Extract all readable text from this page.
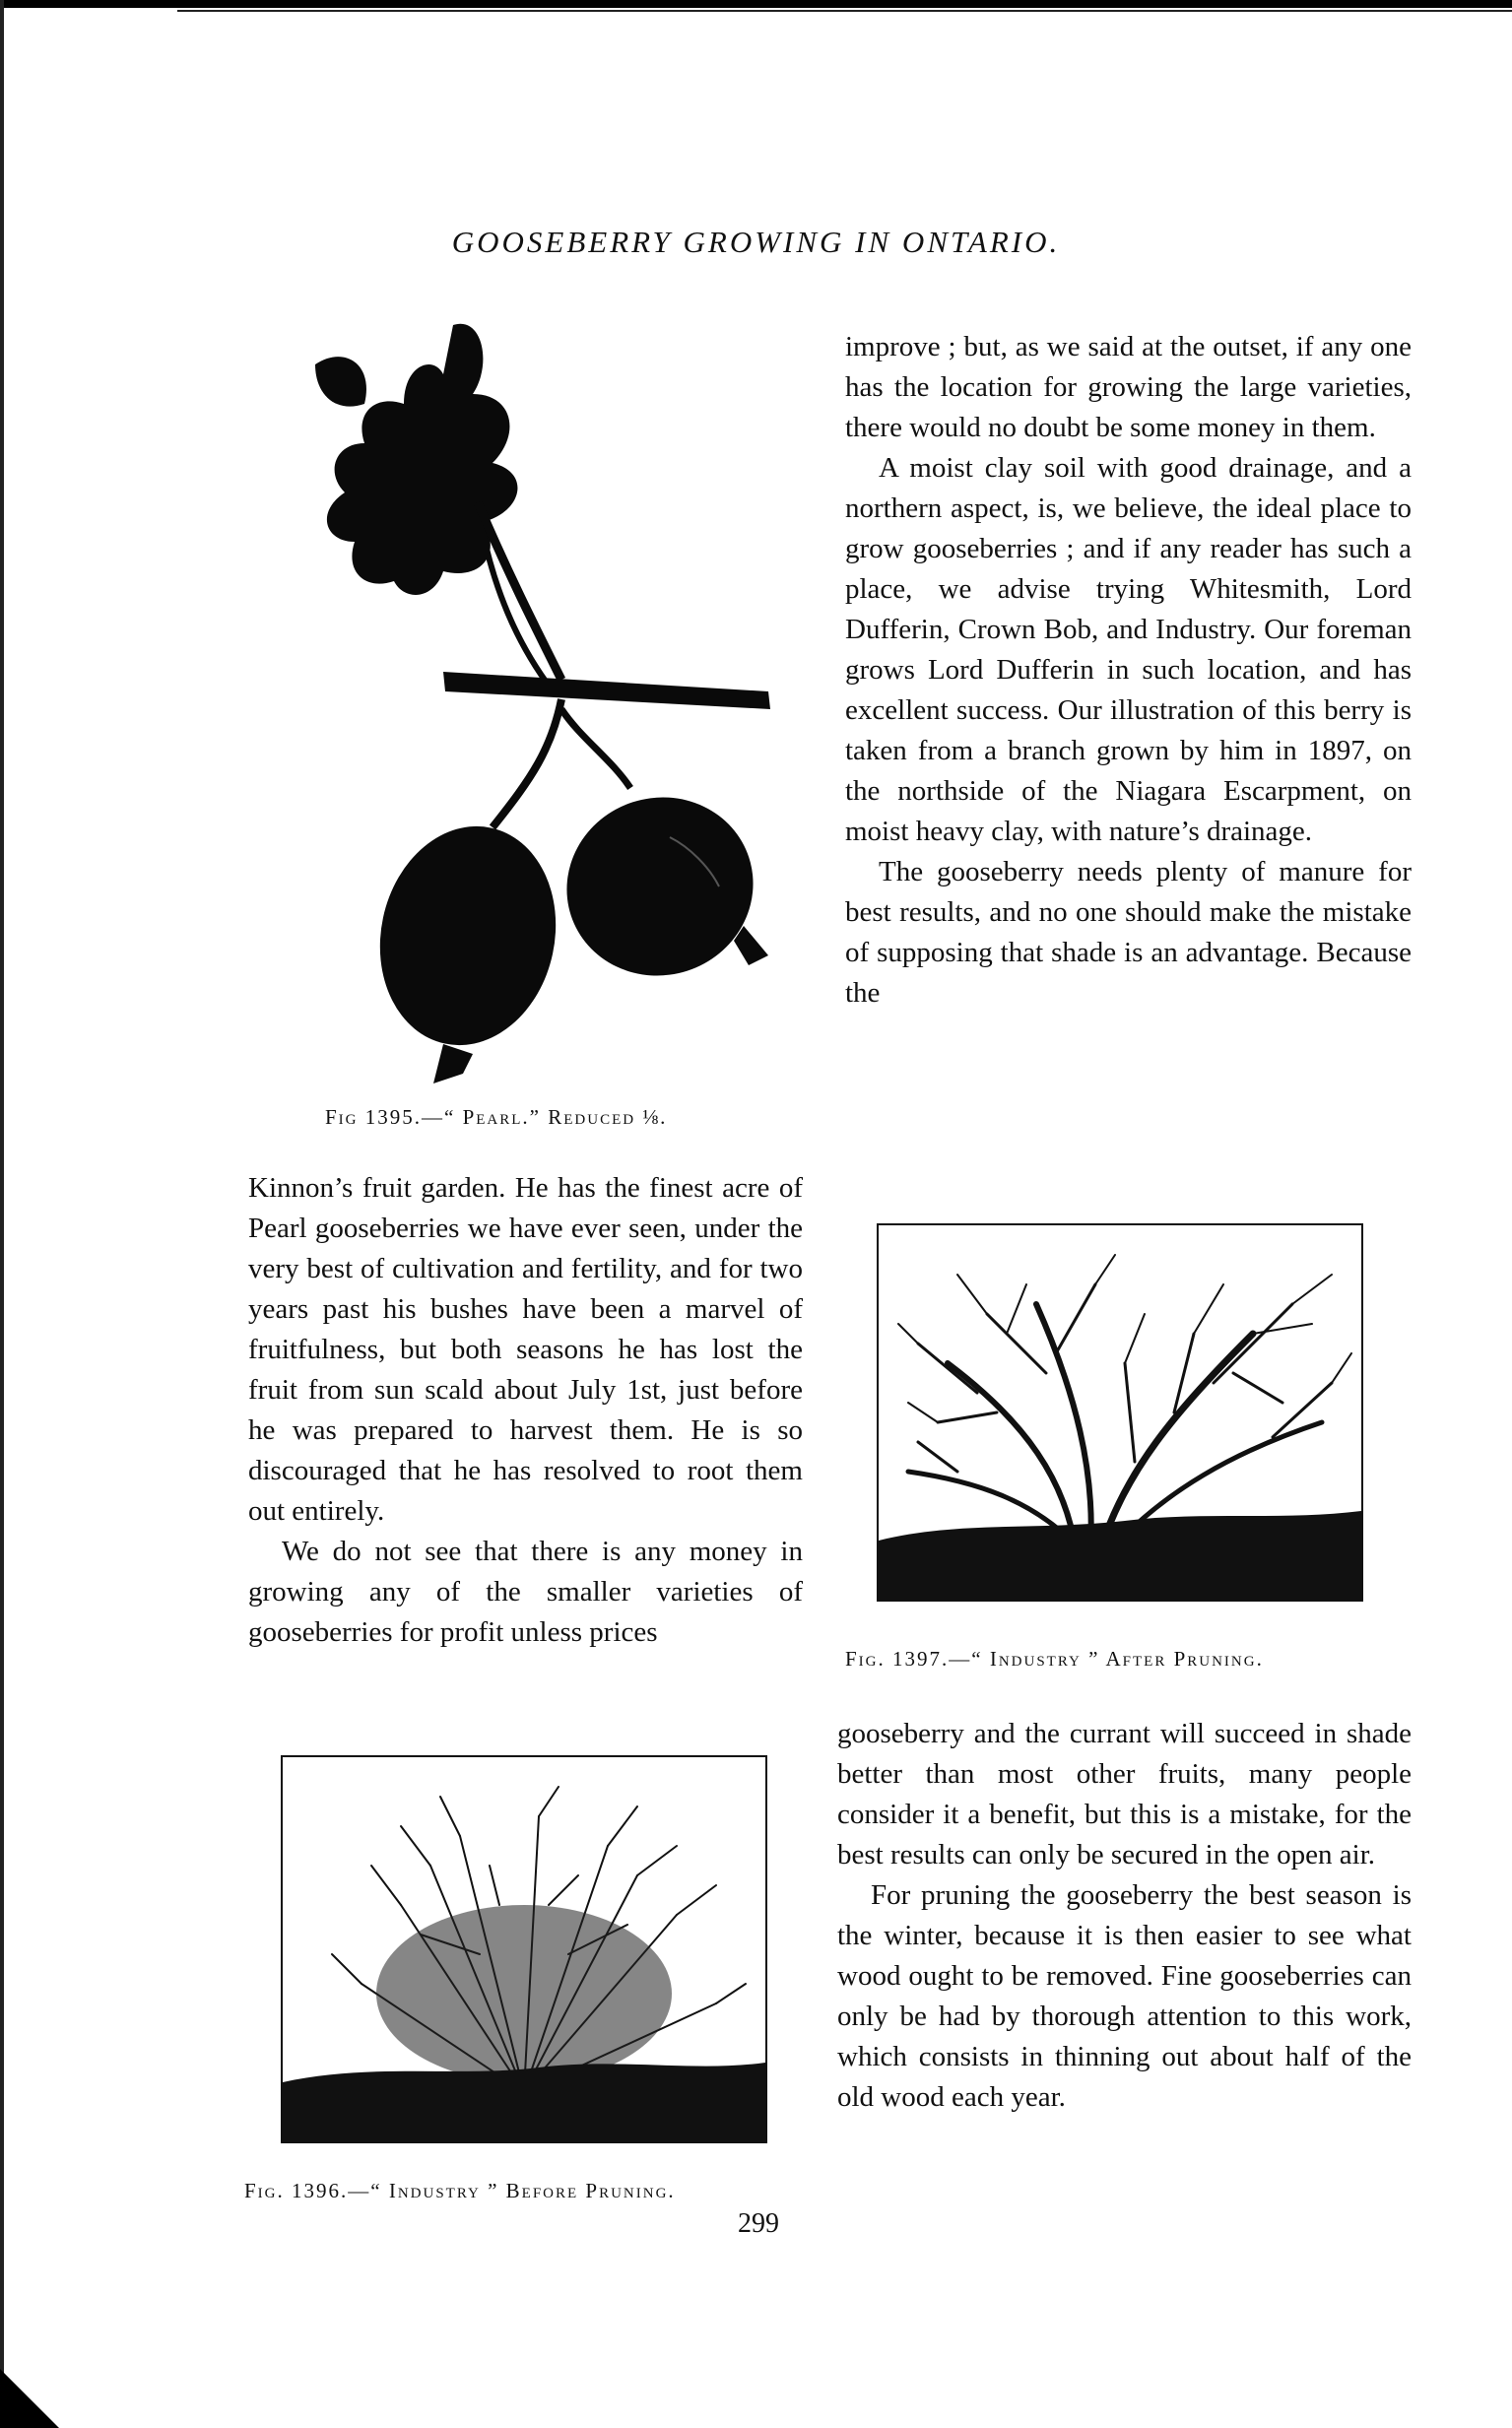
GOOSEBERRY GROWING IN ONTARIO.
Fig 1395.—“ Pearl.” Reduced ⅛.

Kinnon’s fruit garden. He has the finest acre of Pearl gooseberries we have ever seen, under the very best of cultivation and fertility, and for two years past his bushes have been a marvel of fruitfulness, but both seasons he has lost the fruit from sun scald about July 1st, just before he was prepared to harvest them. He is so discouraged that he has resolved to root them out entirely.

We do not see that there is any money in growing any of the smaller varieties of gooseberries for profit unless prices

improve ; but, as we said at the outset, if any one has the location for growing the large varieties, there would no doubt be some money in them.

A moist clay soil with good drainage, and a northern aspect, is, we believe, the ideal place to grow gooseberries ; and if any reader has such a place, we advise trying Whitesmith, Lord Dufferin, Crown Bob, and Industry. Our foreman grows Lord Dufferin in such location, and has excellent success. Our illustration of this berry is taken from a branch grown by him in 1897, on the northside of the Niagara Escarpment, on moist heavy clay, with nature’s drainage.

The gooseberry needs plenty of manure for best results, and no one should make the mistake of supposing that shade is an advantage. Because the

Fig. 1397.—“ Industry ” After Pruning.
Fig. 1396.—“ Industry ” Before Pruning.

gooseberry and the currant will succeed in shade better than most other fruits, many people consider it a benefit, but this is a mistake, for the best results can only be secured in the open air.

For pruning the gooseberry the best season is the winter, because it is then easier to see what wood ought to be removed. Fine gooseberries can only be had by thorough attention to this work, which consists in thinning out about half of the old wood each year.

299
